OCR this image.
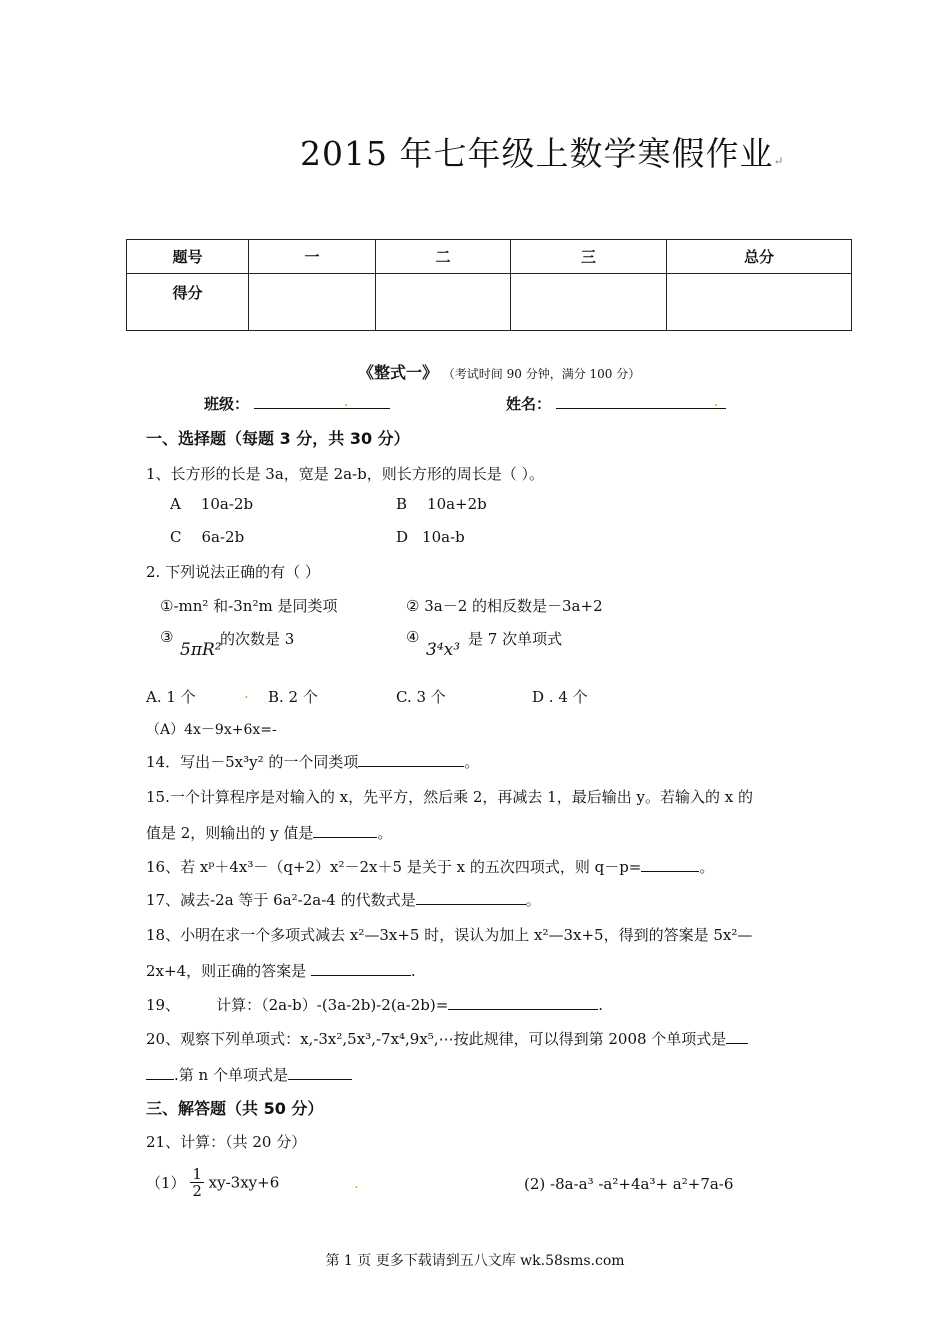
2015 年七年级上数学寒假作业↵
题号	一	二	三	总分
得分				
《整式一》 （考试时间 90 分钟，满分 100 分）
班级：	.	姓名：	.
一、选择题（每题 3 分，共 30 分）
1、长方形的长是 3a，宽是 2a-b，则长方形的周长是（ ）。
A 10a-2b	B 10a+2b
C 6a-2b	D 10a-b
2. 下列说法正确的有（ ）
①-mn² 和-3n²m 是同类项	② 3a－2 的相反数是－3a+2
③
5πR²
的次数是 3	④
3⁴x³
是 7 次单项式
A. 1 个	. B. 2 个	C. 3 个	D . 4 个
（A）4x－9x+6x=-
14．写出－5x³y² 的一个同类项	。
15.一个计算程序是对输入的 x，先平方，然后乘 2，再减去 1，最后输出 y。若输入的 x 的
值是 2，则输出的 y 值是	。
16、若 xᵖ＋4x³－（q+2）x²－2x＋5 是关于 x 的五次四项式，则 q－p=	。
17、减去-2a 等于 6a²-2a-4 的代数式是	。
18、小明在求一个多项式减去 x²—3x+5 时，误认为加上 x²—3x+5，得到的答案是 5x²—
2x+4，则正确的答案是	.
19、 计算：（2a-b）-(3a-2b)-2(a-2b)=	.
20、观察下列单项式：x,-3x²,5x³,-7x⁴,9x⁵,⋯按此规律，可以得到第 2008 个单项式是
.第 n 个单项式是
三、解答题（共 50 分）
21、计算：（共 20 分）
$(1) \frac{1}{2} xy-3xy+6$	.	(2) -8a-a³ -a²+4a³+ a²+7a-6
第 1 页 更多下载请到五八文库 wk.58sms.com
